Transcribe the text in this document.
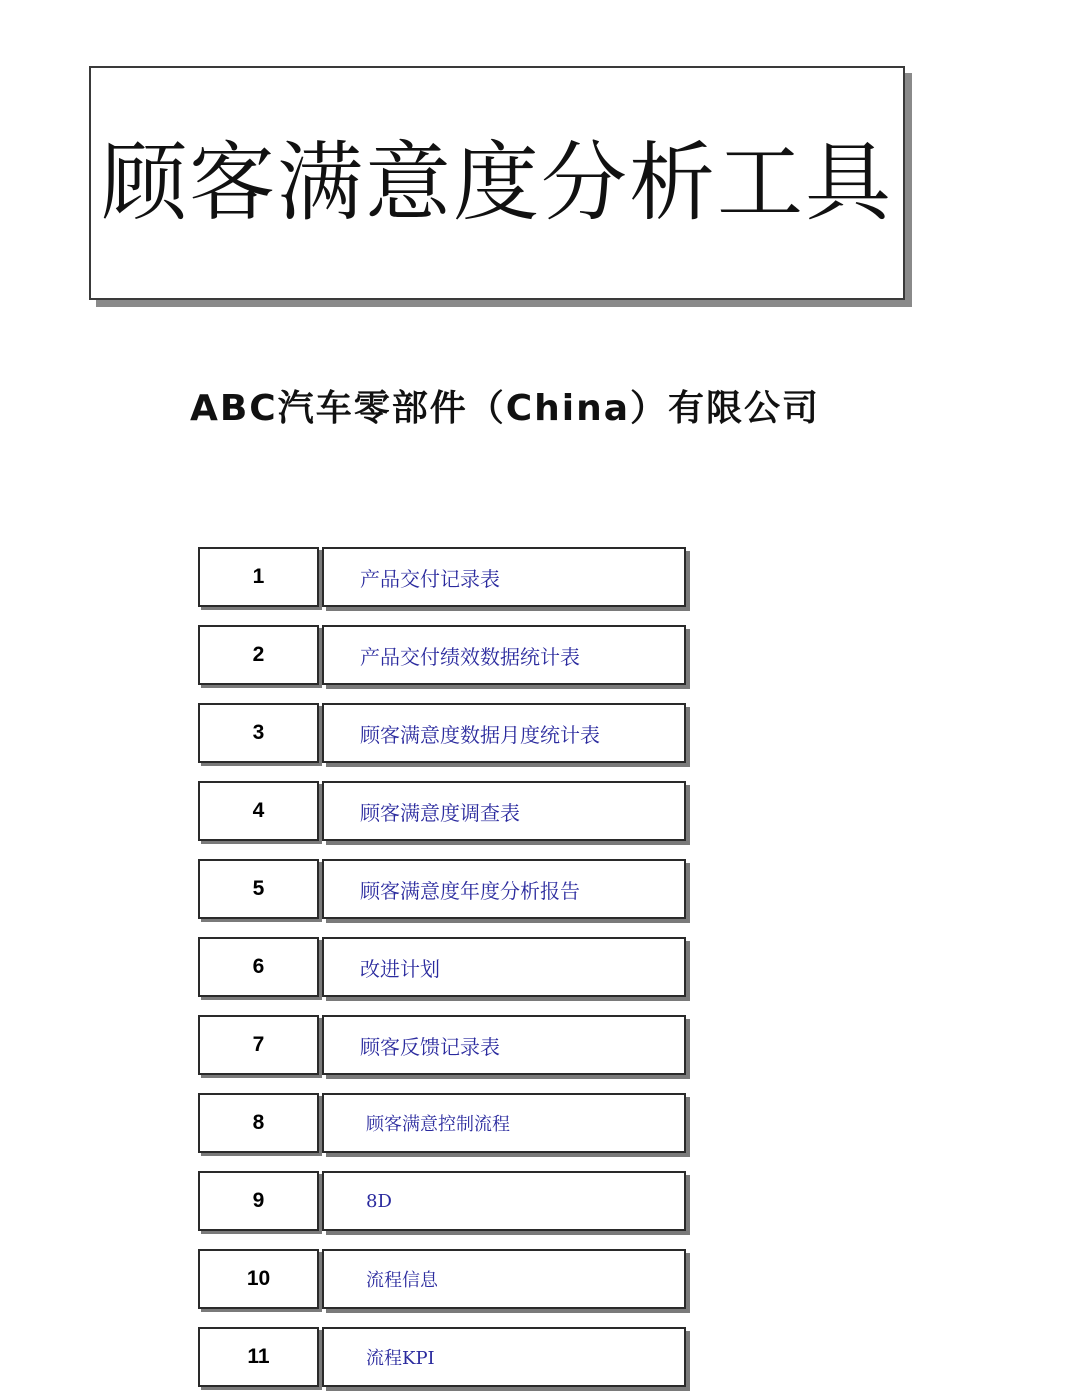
顾客满意度分析工具
ABC汽车零部件（China）有限公司
1	产品交付记录表
2	产品交付绩效数据统计表
3	顾客满意度数据月度统计表
4	顾客满意度调查表
5	顾客满意度年度分析报告
6	改进计划
7	顾客反馈记录表
8	顾客满意控制流程
9	8D
10	流程信息
11	流程KPI
